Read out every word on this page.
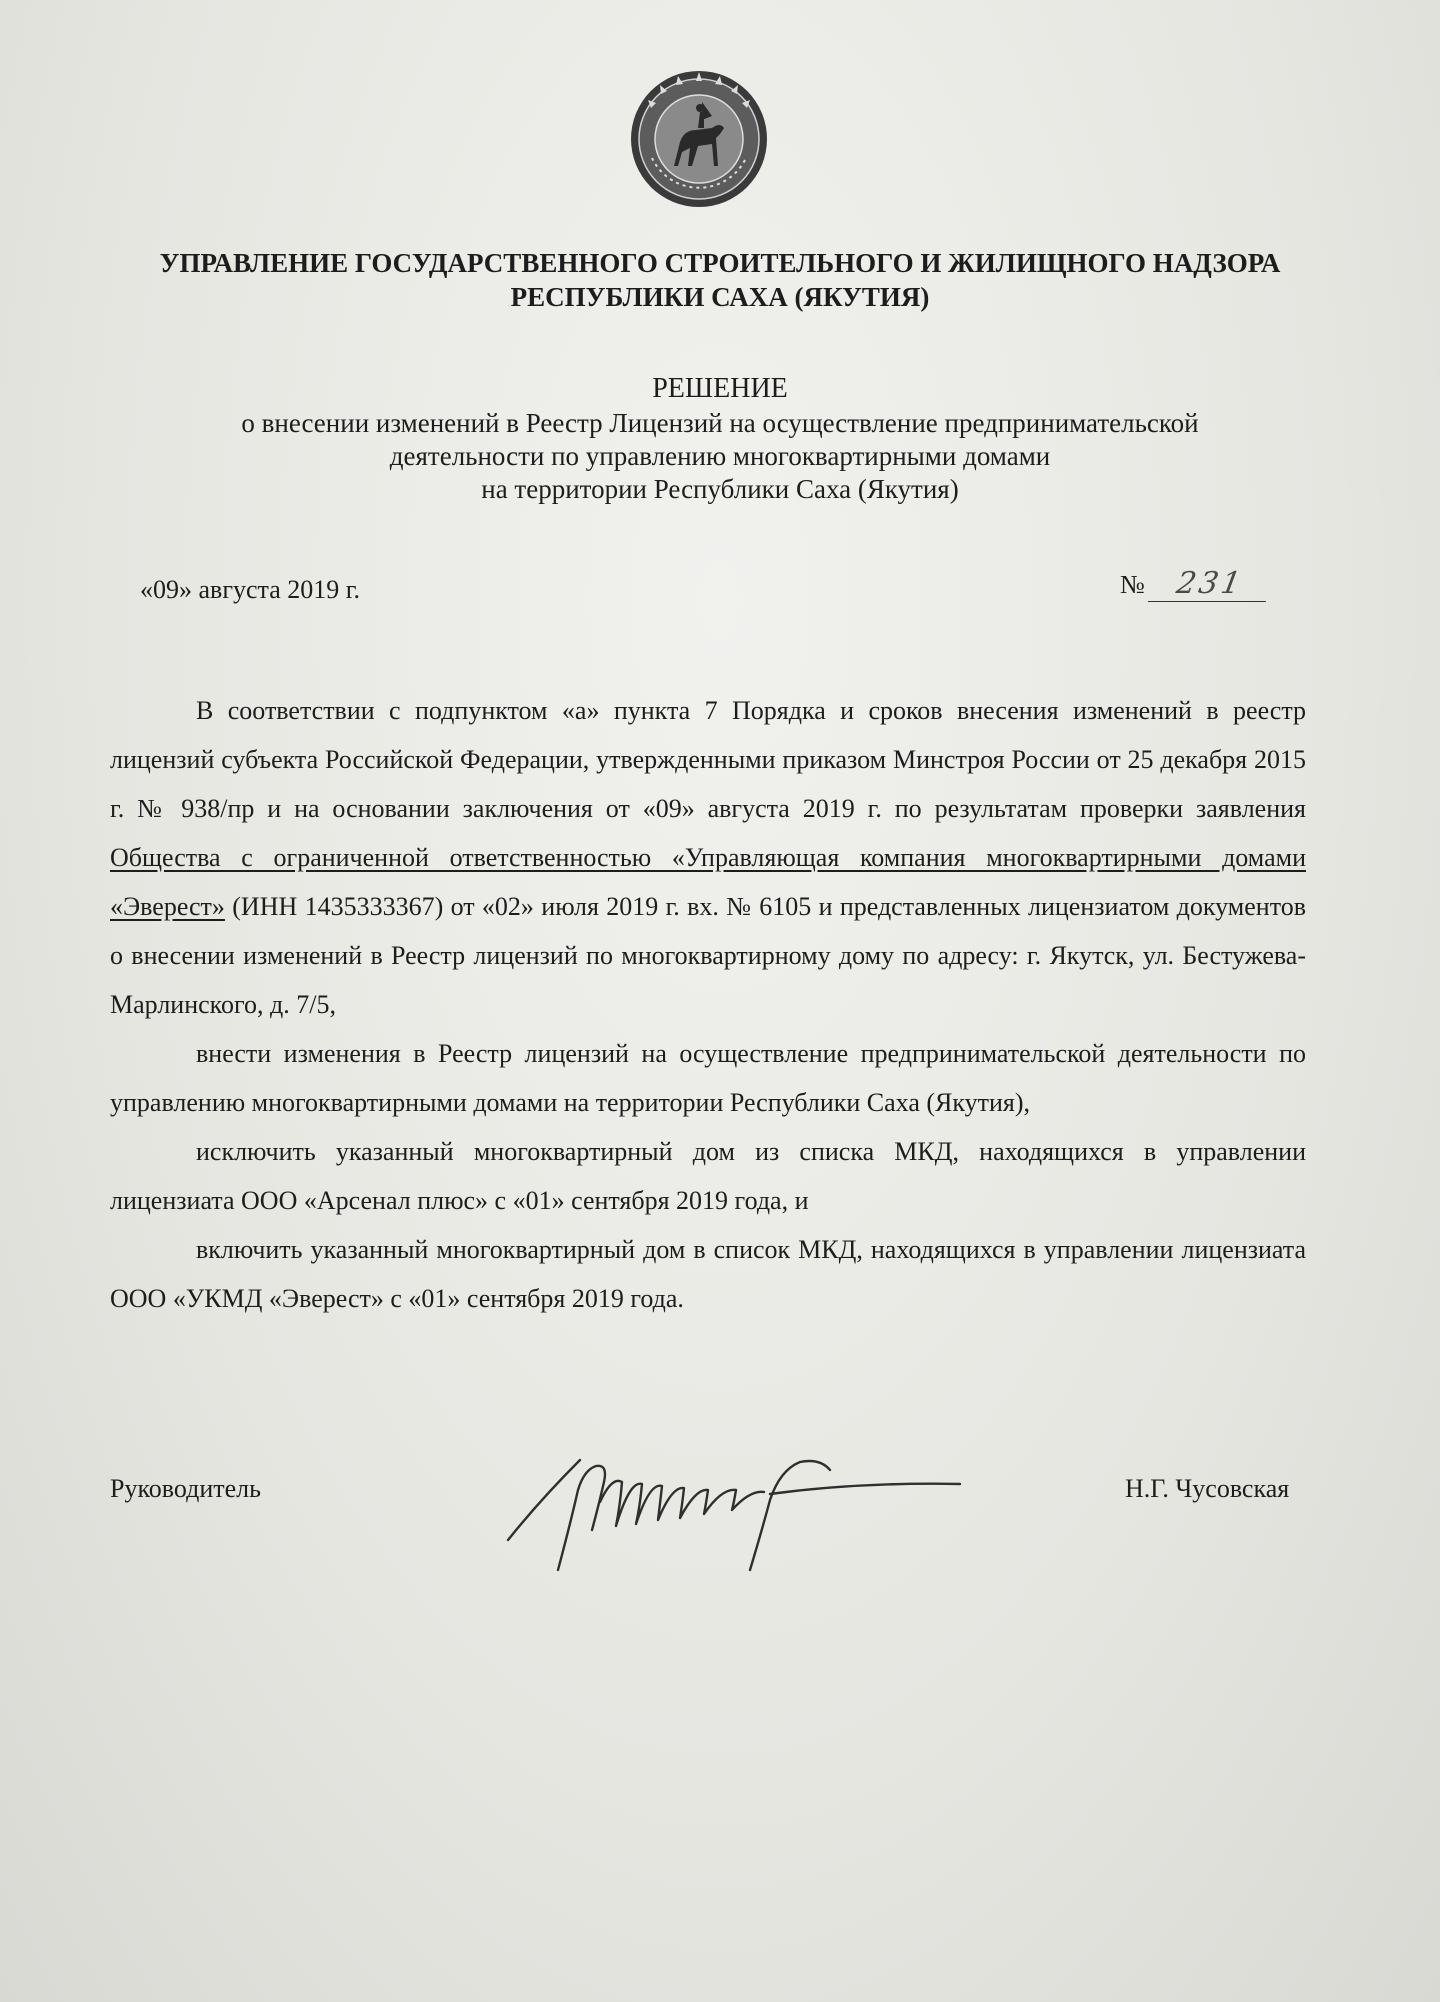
УПРАВЛЕНИЕ ГОСУДАРСТВЕННОГО СТРОИТЕЛЬНОГО И ЖИЛИЩНОГО НАДЗОРА
РЕСПУБЛИКИ САХА (ЯКУТИЯ)
РЕШЕНИЕ
о внесении изменений в Реестр Лицензий на осуществление предпринимательской
деятельности по управлению многоквартирными домами
на территории Республики Саха (Якутия)
«09» августа 2019 г.	№ 231

В соответствии с подпунктом «а» пункта 7 Порядка и сроков внесения изменений в реестр лицензий субъекта Российской Федерации, утвержденными приказом Минстроя России от 25 декабря 2015 г. № 938/пр и на основании заключения от «09» августа 2019 г. по результатам проверки заявления Общества с ограниченной ответственностью «Управляющая компания многоквартирными домами «Эверест» (ИНН 1435333367) от «02» июля 2019 г. вх. № 6105 и представленных лицензиатом документов о внесении изменений в Реестр лицензий по многоквартирному дому по адресу: г. Якутск, ул. Бестужева-Марлинского, д. 7/5,

внести изменения в Реестр лицензий на осуществление предпринимательской деятельности по управлению многоквартирными домами на территории Республики Саха (Якутия),

исключить указанный многоквартирный дом из списка МКД, находящихся в управлении лицензиата ООО «Арсенал плюс» с «01» сентября 2019 года, и

включить указанный многоквартирный дом в список МКД, находящихся в управлении лицензиата ООО «УКМД «Эверест» с «01» сентября 2019 года.

Руководитель	Н.Г. Чусовская
